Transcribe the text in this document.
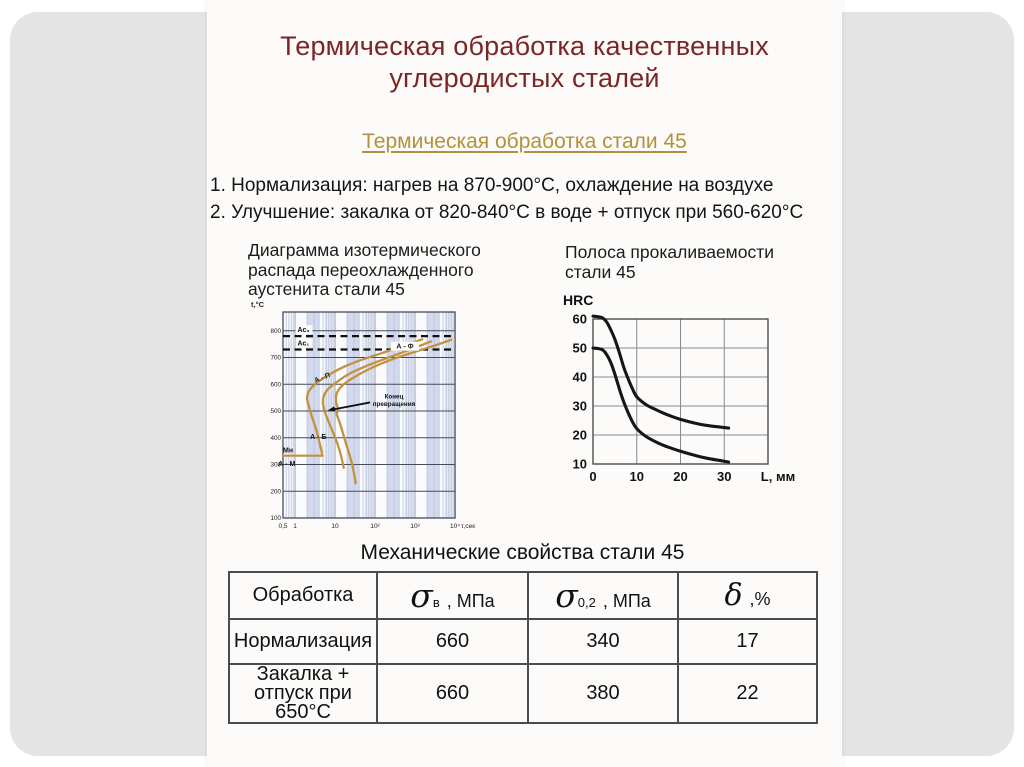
Термическая обработка качественных
углеродистых сталей
Термическая обработка стали 45
1. Нормализация: нагрев на 870-900°С, охлаждение на воздухе
2. Улучшение: закалка от 820-840°С в воде + отпуск при 560-620°С
Диаграмма изотермического
распада переохлажденного
аустенита стали 45
Полоса прокаливаемости
стали 45
Ac₃
Ac₁	А - Ф
А - П
А - Б
Мн
А - М
Конец
превращения
100
200
300
400
500
600
700
800
0,5 1	10	10²	10³	10⁴ τ,сек
t,°С
10
20
30
40
50
60
0	10 20 30
HRC
L, мм
Механические свойства стали 45
Обработка	$\sigma_в$ , МПа	$\sigma_{0,2}$ , МПа	δ ,%

Нормализация	660	340	17

Закалка +
отпуск при 650°С	660	380	22
